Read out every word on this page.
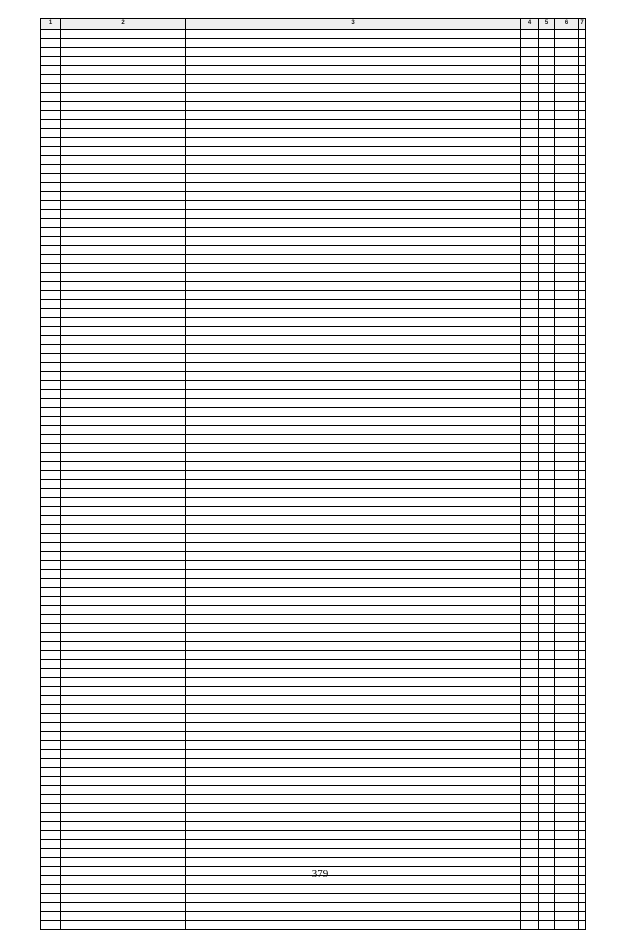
1	2	3	4	5	6	7

379
